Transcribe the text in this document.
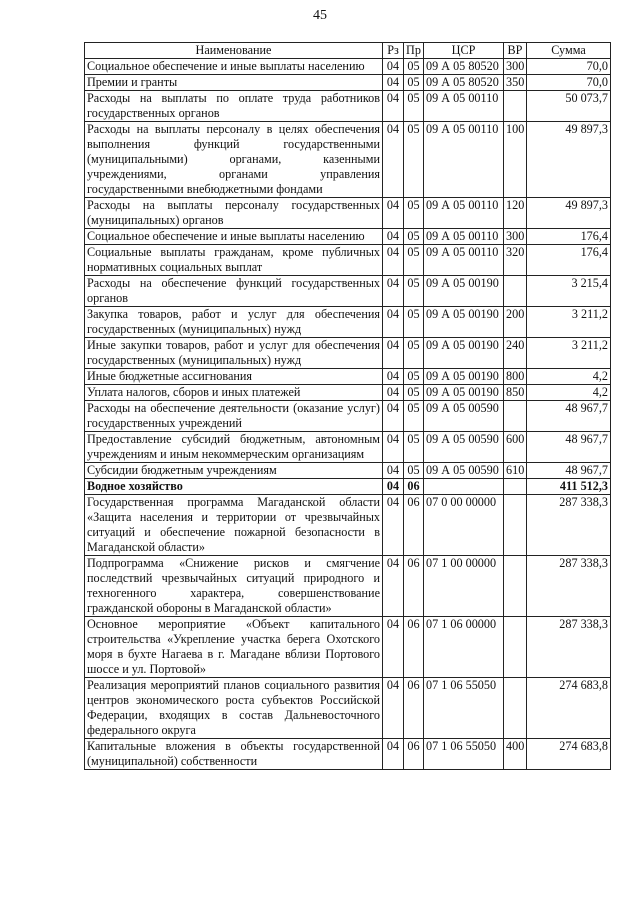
45
Наименование	Рз	Пр	ЦСР	ВР	Сумма
Социальное обеспечение и иные выплаты населению	04	05	09 А 05 80520	300	70,0
Премии и гранты	04	05	09 А 05 80520	350	70,0
Расходы на выплаты по оплате труда работников государственных органов	04	05	09 А 05 00110		50 073,7
Расходы на выплаты персоналу в целях обеспечения выполнения функций государственными (муниципальными) органами, казенными учреждениями, органами управления государственными внебюджетными фондами	04	05	09 А 05 00110	100	49 897,3
Расходы на выплаты персоналу государственных (муниципальных) органов	04	05	09 А 05 00110	120	49 897,3
Социальное обеспечение и иные выплаты населению	04	05	09 А 05 00110	300	176,4
Социальные выплаты гражданам, кроме публичных нормативных социальных выплат	04	05	09 А 05 00110	320	176,4
Расходы на обеспечение функций государственных органов	04	05	09 А 05 00190		3 215,4
Закупка товаров, работ и услуг для обеспечения государственных (муниципальных) нужд	04	05	09 А 05 00190	200	3 211,2
Иные закупки товаров, работ и услуг для обеспечения государственных (муниципальных) нужд	04	05	09 А 05 00190	240	3 211,2
Иные бюджетные ассигнования	04	05	09 А 05 00190	800	4,2
Уплата налогов, сборов и иных платежей	04	05	09 А 05 00190	850	4,2
Расходы на обеспечение деятельности (оказание услуг) государственных учреждений	04	05	09 А 05 00590		48 967,7
Предоставление субсидий бюджетным, автономным учреждениям и иным некоммерческим организациям	04	05	09 А 05 00590	600	48 967,7
Субсидии бюджетным учреждениям	04	05	09 А 05 00590	610	48 967,7
Водное хозяйство	04	06			411 512,3
Государственная программа Магаданской области «Защита населения и территории от чрезвычайных ситуаций и обеспечение пожарной безопасности в Магаданской области»	04	06	07 0 00 00000		287 338,3
Подпрограмма «Снижение рисков и смягчение последствий чрезвычайных ситуаций природного и техногенного характера, совершенствование гражданской обороны в Магаданской области»	04	06	07 1 00 00000		287 338,3
Основное мероприятие «Объект капитального строительства «Укрепление участка берега Охотского моря в бухте Нагаева в г. Магадане вблизи Портового шоссе и ул. Портовой»	04	06	07 1 06 00000		287 338,3
Реализация мероприятий планов социального развития центров экономического роста субъектов Российской Федерации, входящих в состав Дальневосточного федерального округа	04	06	07 1 06 55050		274 683,8
Капитальные вложения в объекты государственной (муниципальной) собственности	04	06	07 1 06 55050	400	274 683,8
